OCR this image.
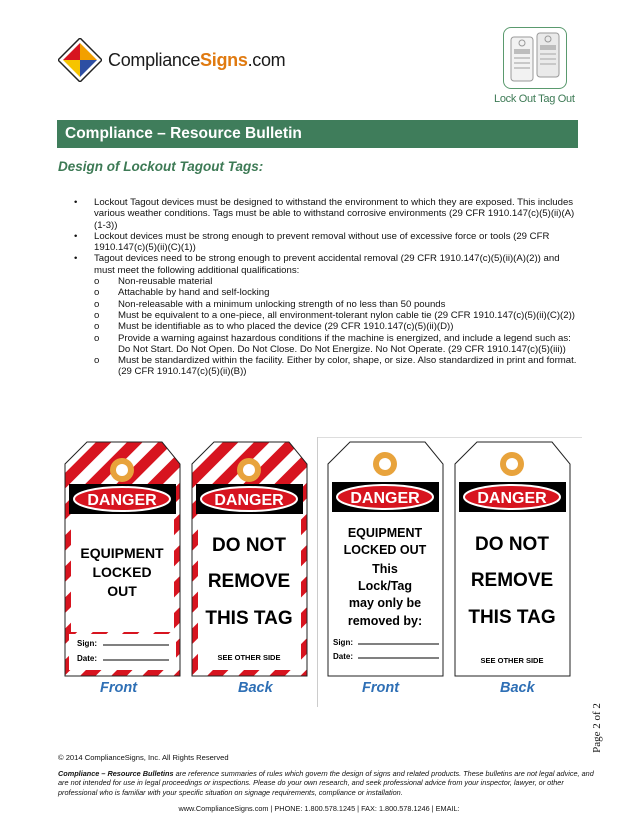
ComplianceSigns.com
Lock Out Tag Out
Compliance – Resource Bulletin
Design of Lockout Tagout Tags:
• Lockout Tagout devices must be designed to withstand the environment to which they are exposed. This includes various weather conditions. Tags must be able to withstand corrosive environments (29 CFR 1910.147(c)(5)(ii)(A)(1-3))
• Lockout devices must be strong enough to prevent removal without use of excessive force or tools (29 CFR 1910.147(c)(5)(ii)(C)(1))
• Tagout devices need to be strong enough to prevent accidental removal (29 CFR 1910.147(c)(5)(ii)(A)(2)) and must meet the following additional qualifications:
o Non-reusable material
o Attachable by hand and self-locking
o Non-releasable with a minimum unlocking strength of no less than 50 pounds
o Must be equivalent to a one-piece, all environment-tolerant nylon cable tie (29 CFR 1910.147(c)(5)(ii)(C)(2))
o Must be identifiable as to who placed the device (29 CFR 1910.147(c)(5)(ii)(D))
o Provide a warning against hazardous conditions if the machine is energized, and include a legend such as: Do Not Start. Do Not Open. Do Not Close. Do Not Energize. No Not Operate. (29 CFR 1910.147(c)(5)(iii))
o Must be standardized within the facility. Either by color, shape, or size. Also standardized in print and format. (29 CFR 1910.147(c)(5)(ii)(B))
DANGER
EQUIPMENT
LOCKED
OUT
Sign:
Date:
DANGER
DO NOT
REMOVE
THIS TAG
SEE OTHER SIDE
DANGER
EQUIPMENT
LOCKED OUT
This
Lock/Tag
may only be
removed by:
Sign:
Date:
DANGER
DO NOT
REMOVE
THIS TAG
SEE OTHER SIDE
Front	Back	Front	Back
Page 2 of 2
© 2014 ComplianceSigns, Inc. All Rights Reserved
Compliance – Resource Bulletins are reference summaries of rules which govern the design of signs and related products. These bulletins are not legal advice, and are not intended for use in legal proceedings or inspections. Please do your own research, and seek professional advice from your inspector, lawyer, or other professional who is familiar with your specific situation on signage requirements, compliance or installation.
www.ComplianceSigns.com | PHONE: 1.800.578.1245 | FAX: 1.800.578.1246 | EMAIL:
